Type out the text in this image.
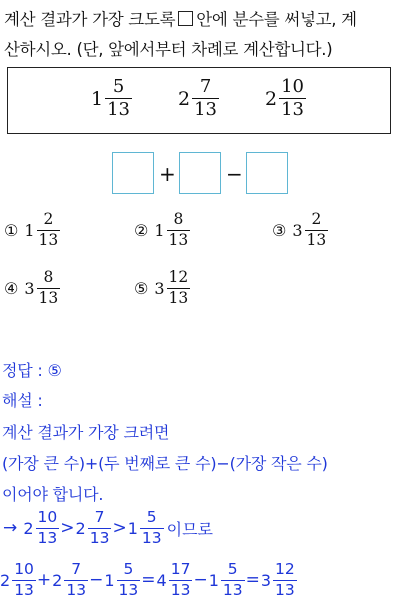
계산 결과가 가장 크도록 안에 분수를 써넣고, 계
산하시오. (단, 앞에서부터 차례로 계산합니다.)
$1 \frac{5}{13} 2 \frac{7}{13} 2 \frac{10}{13}$
+	−
① $1 \frac{2}{13}$	② $1 \frac{8}{13}$	③ $3 \frac{2}{13}$
④ $3 \frac{8}{13}$	⑤ $3 \frac{12}{13}$
정답 : ⑤
해설 :
계산 결과가 가장 크려면
(가장 큰 수)+(두 번째로 큰 수)−(가장 작은 수)
이어야 합니다.
→
$2 \frac{10}{13} > 2 \frac{7}{13} > 1 \frac{5}{13}$ 이므로
$2 \frac{10}{13} + 2 \frac{7}{13} - 1 \frac{5}{13} = 4 \frac{17}{13} - 1 \frac{5}{13} = 3 \frac{12}{13}$
